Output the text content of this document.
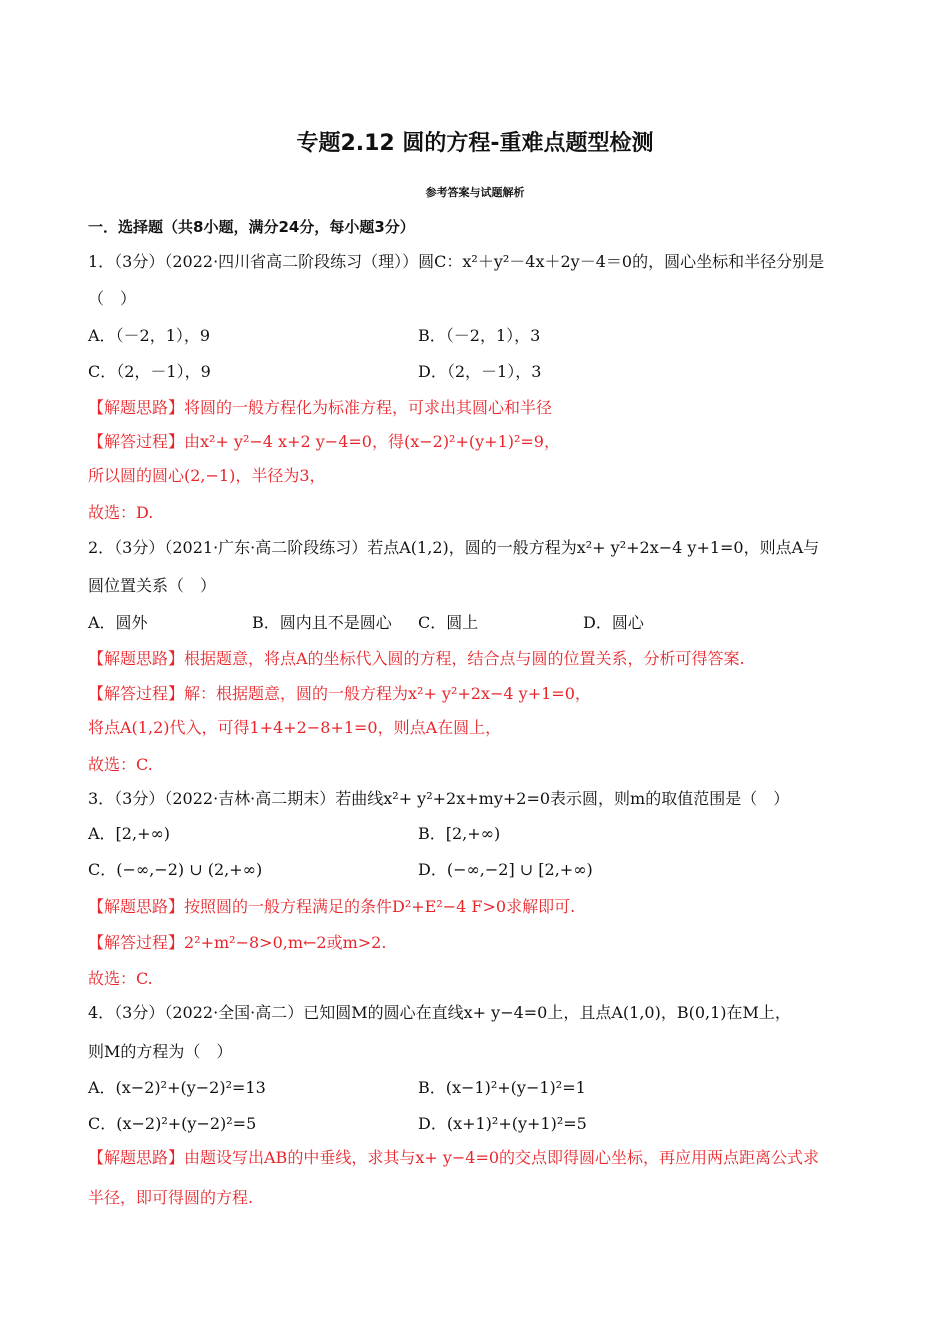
专题2.12 圆的方程-重难点题型检测
参考答案与试题解析
一．选择题（共8小题，满分24分，每小题3分）
1．（3分）（2022·四川省高二阶段练习（理））圆C：x²＋y²－4x＋2y－4＝0的，圆心坐标和半径分别是
（　）
A．（－2，1），9	B．（－2，1），3
C．（2，－1），9	D．（2，－1），3
【解题思路】将圆的一般方程化为标准方程，可求出其圆心和半径
【解答过程】由x²+ y²−4 x+2 y−4=0，得(x−2)²+(y+1)²=9，
所以圆的圆心(2,−1)，半径为3，
故选：D.
2．（3分）（2021·广东·高二阶段练习）若点A(1,2)，圆的一般方程为x²+ y²+2x−4 y+1=0，则点A与
圆位置关系（　）
A．圆外	B．圆内且不是圆心 C．圆上	D．圆心
【解题思路】根据题意，将点A的坐标代入圆的方程，结合点与圆的位置关系，分析可得答案.
【解答过程】解：根据题意，圆的一般方程为x²+ y²+2x−4 y+1=0，
将点A(1,2)代入，可得1+4+2−8+1=0，则点A在圆上，
故选：C.
3．（3分）（2022·吉林·高二期末）若曲线x²+ y²+2x+my+2=0表示圆，则m的取值范围是（　）
A．[2,+∞)	B．[2,+∞)
C．(−∞,−2) ∪ (2,+∞)	D．(−∞,−2] ∪ [2,+∞)
【解题思路】按照圆的一般方程满足的条件D²+E²−4 F>0求解即可.
【解答过程】2²+m²−8>0,m←2或m>2.
故选：C.
4．（3分）（2022·全国·高二）已知圆M的圆心在直线x+ y−4=0上，且点A(1,0)，B(0,1)在M上，
则M的方程为（　）
A．(x−2)²+(y−2)²=13	B．(x−1)²+(y−1)²=1
C．(x−2)²+(y−2)²=5	D．(x+1)²+(y+1)²=5
【解题思路】由题设写出AB的中垂线，求其与x+ y−4=0的交点即得圆心坐标，再应用两点距离公式求
半径，即可得圆的方程.
